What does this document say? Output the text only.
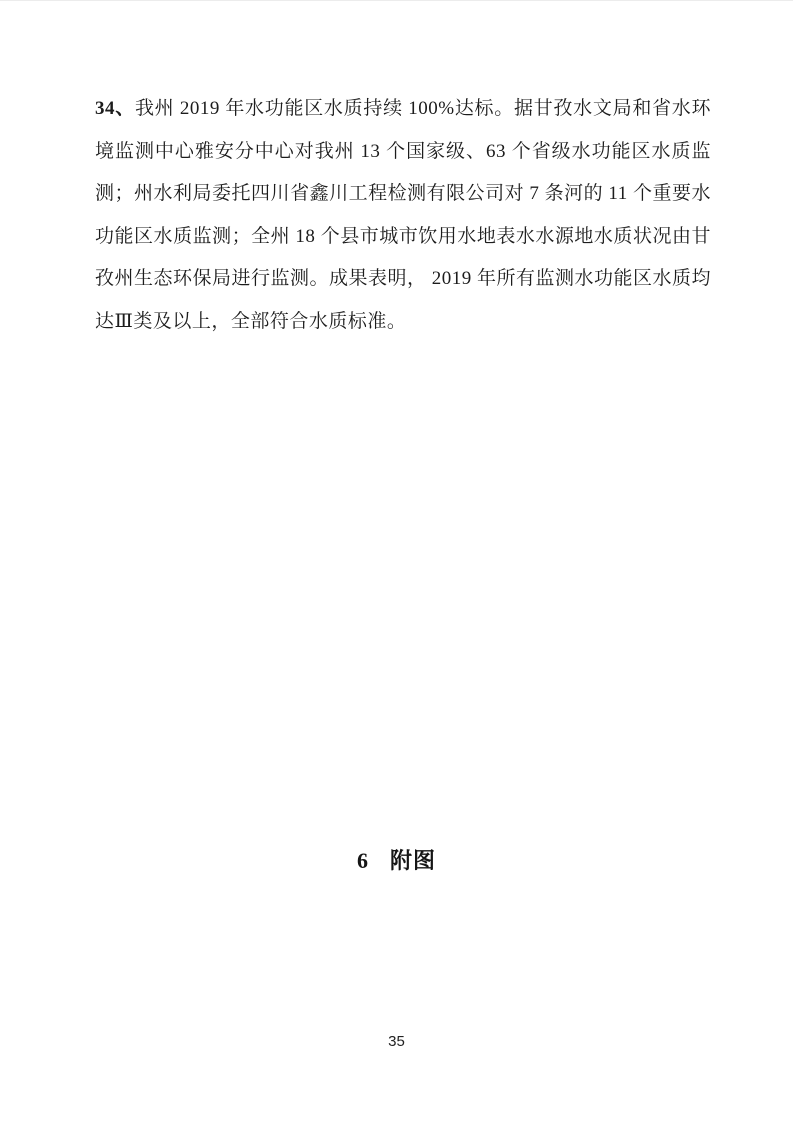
34、我州 2019 年水功能区水质持续 100%达标。据甘孜水文局和省水环境监测中心雅安分中心对我州 13 个国家级、63 个省级水功能区水质监测；州水利局委托四川省鑫川工程检测有限公司对 7 条河的 11 个重要水功能区水质监测；全州 18 个县市城市饮用水地表水水源地水质状况由甘孜州生态环保局进行监测。成果表明， 2019 年所有监测水功能区水质均达Ⅲ类及以上，全部符合水质标准。

6 附图
35
